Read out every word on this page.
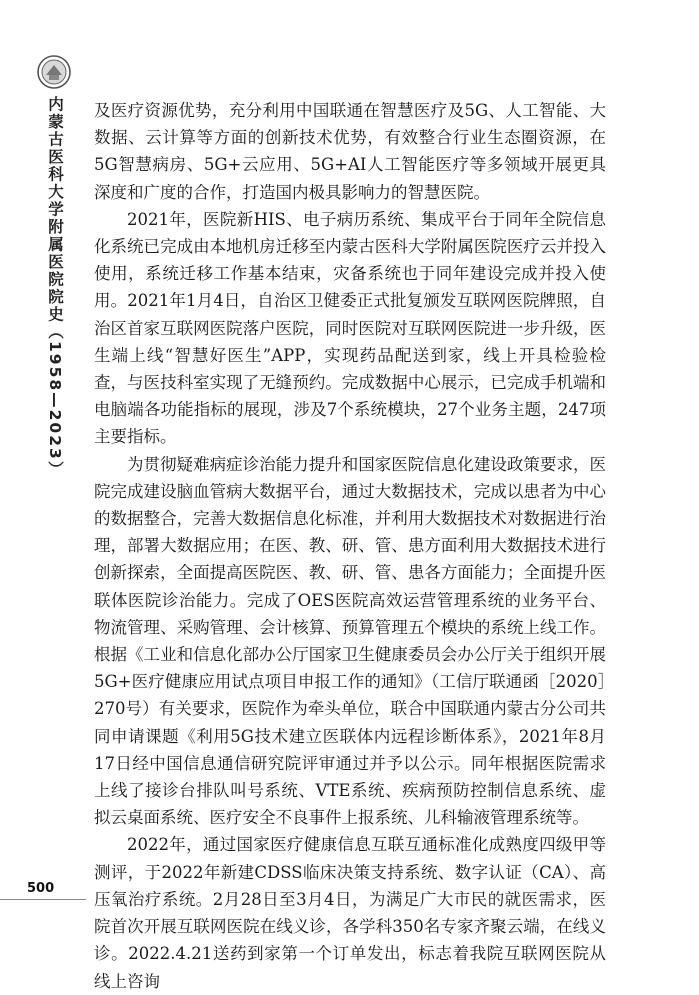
内蒙古医科大学附属医院院史（1958—2023）
500

及医疗资源优势，充分利用中国联通在智慧医疗及5G、人工智能、大数据、云计算等方面的创新技术优势，有效整合行业生态圈资源，在5G智慧病房、5G+云应用、5G+AI人工智能医疗等多领域开展更具深度和广度的合作，打造国内极具影响力的智慧医院。

2021年，医院新HIS、电子病历系统、集成平台于同年全院信息化系统已完成由本地机房迁移至内蒙古医科大学附属医院医疗云并投入使用，系统迁移工作基本结束，灾备系统也于同年建设完成并投入使用。2021年1月4日，自治区卫健委正式批复颁发互联网医院牌照，自治区首家互联网医院落户医院，同时医院对互联网医院进一步升级，医生端上线“智慧好医生”APP，实现药品配送到家，线上开具检验检查，与医技科室实现了无缝预约。完成数据中心展示，已完成手机端和电脑端各功能指标的展现，涉及7个系统模块，27个业务主题，247项主要指标。

为贯彻疑难病症诊治能力提升和国家医院信息化建设政策要求，医院完成建设脑血管病大数据平台，通过大数据技术，完成以患者为中心的数据整合，完善大数据信息化标准，并利用大数据技术对数据进行治理，部署大数据应用；在医、教、研、管、患方面利用大数据技术进行创新探索，全面提高医院医、教、研、管、患各方面能力；全面提升医联体医院诊治能力。完成了OES医院高效运营管理系统的业务平台、物流管理、采购管理、会计核算、预算管理五个模块的系统上线工作。根据《工业和信息化部办公厅国家卫生健康委员会办公厅关于组织开展5G+医疗健康应用试点项目申报工作的通知》（工信厅联通函［2020］270号）有关要求，医院作为牵头单位，联合中国联通内蒙古分公司共同申请课题《利用5G技术建立医联体内远程诊断体系》，2021年8月17日经中国信息通信研究院评审通过并予以公示。同年根据医院需求上线了接诊台排队叫号系统、VTE系统、疾病预防控制信息系统、虚拟云桌面系统、医疗安全不良事件上报系统、儿科输液管理系统等。

2022年，通过国家医疗健康信息互联互通标准化成熟度四级甲等测评，于2022年新建CDSS临床决策支持系统、数字认证（CA）、高压氧治疗系统。2月28日至3月4日，为满足广大市民的就医需求，医院首次开展互联网医院在线义诊，各学科350名专家齐聚云端，在线义诊。2022.4.21送药到家第一个订单发出，标志着我院互联网医院从线上咨询
